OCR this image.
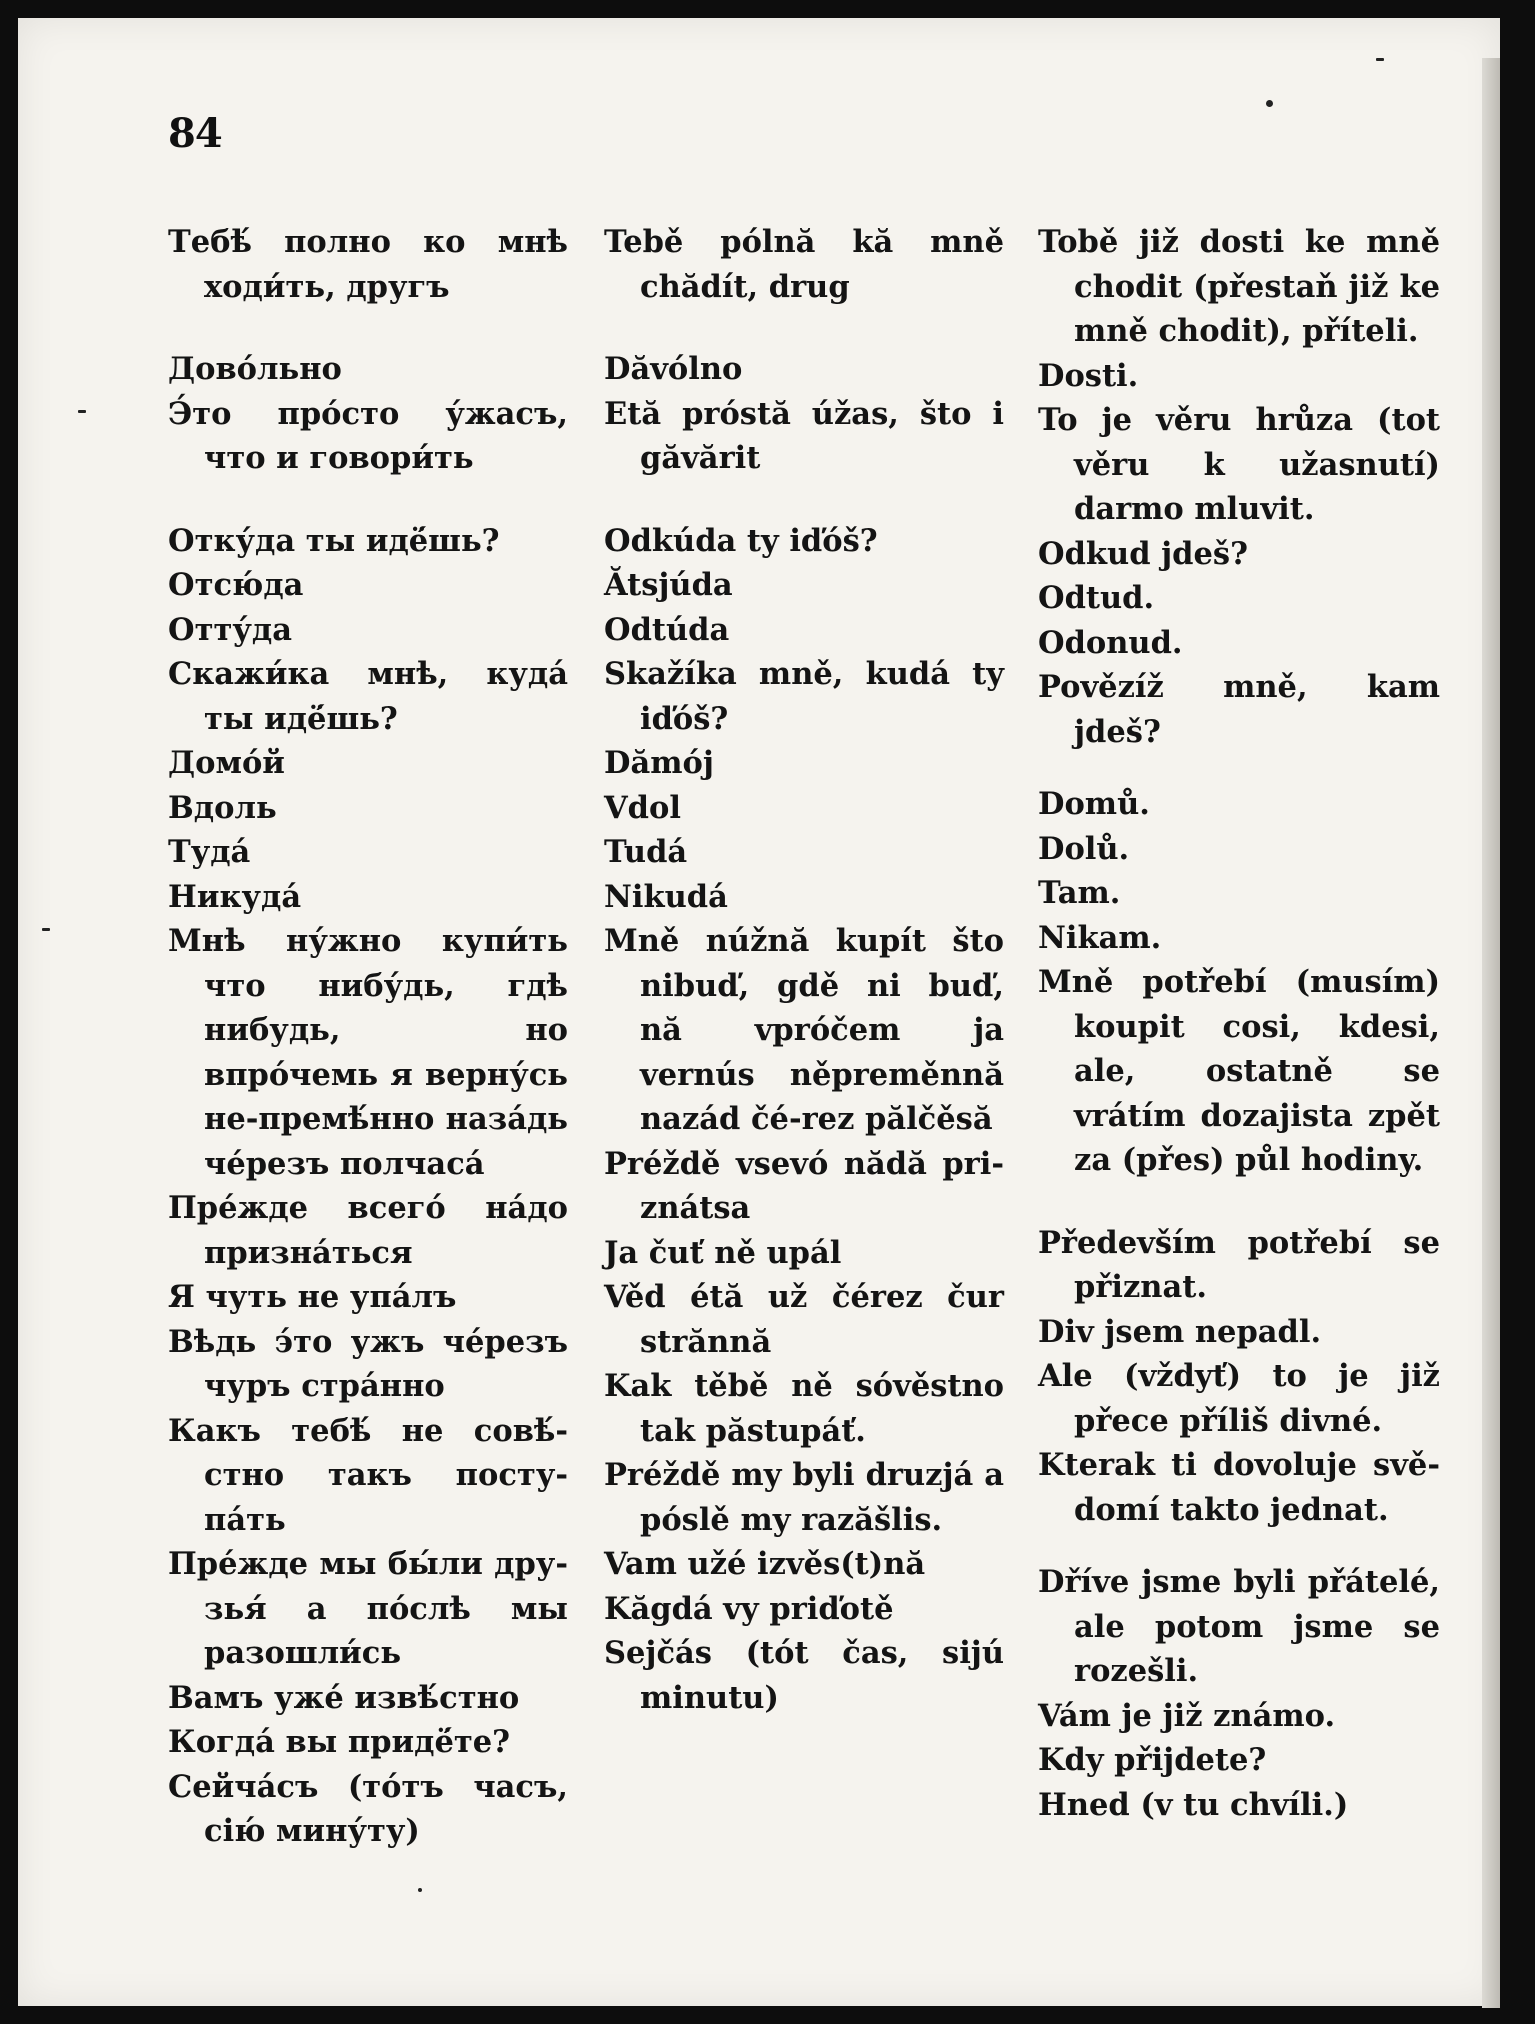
84

Тебѣ́ полно ко мнѣ ходи́ть, другъ

Дово́льно

Э́то про́сто у́жасъ, что и говори́ть

Отку́да ты идё́шь?

Отсю́да

Отту́да

Скажи́ка мнѣ, куда́ ты идё́шь?

Домо́й

Вдоль

Туда́

Никуда́

Мнѣ ну́жно купи́ть что нибу́дь, гдѣ нибудь, но впро́чемь я верну́сь не-премѣ́нно наза́дь че́резъ полчаса́

Пре́жде всего́ на́до призна́ться

Я чуть не упа́лъ

Вѣдь э́то ужъ че́резъ чуръ стра́нно

Какъ тебѣ́ не совѣ́-стно такъ посту-па́ть

Пре́жде мы бы́ли дру-зья́ а по́слѣ мы разошли́сь

Вамъ уже́ извѣ́стно

Когда́ вы придё́те?

Сейча́съ (то́тъ часъ, сію́ мину́ту)

Tebě pólnă kă mně chădít, drug

Dăvólno

Etă próstă úžas, što i găvărit

Odkúda ty iďóš?

Ătsjúda

Odtúda

Skažíka mně, kudá ty iďóš?

Dămój

Vdol

Tudá

Nikudá

Mně núžnă kupít što nibuď, gdě ni buď, nă vpróčem ja vernús něpreměnnă nazád čé-rez pălčěsă

Préždě vsevó nădă pri-znátsa

Ja čuť ně upál

Věd étă už čérez čur strănnă

Kak těbě ně sóvěstno tak păstupáť.

Préždě my byli druzjá a póslě my razăšlis.

Vam užé izvěs(t)nă

Kăgdá vy priďotě

Sejčás (tót čas, sijú minutu)

Tobě již dosti ke mně chodit (přestaň již ke mně chodit), příteli.

Dosti.

To je věru hrůza (tot věru k užasnutí) darmo mluvit.

Odkud jdeš?

Odtud.

Odonud.

Povězíž mně, kam jdeš?

Domů.

Dolů.

Tam.

Nikam.

Mně potřebí (musím) koupit cosi, kdesi, ale, ostatně se vrátím dozajista zpět za (přes) půl hodiny.

Především potřebí se přiznat.

Div jsem nepadl.

Ale (vždyť) to je již přece příliš divné.

Kterak ti dovoluje svě-domí takto jednat.

Dříve jsme byli přátelé, ale potom jsme se rozešli.

Vám je již známo.

Kdy přijdete?

Hned (v tu chvíli.)
